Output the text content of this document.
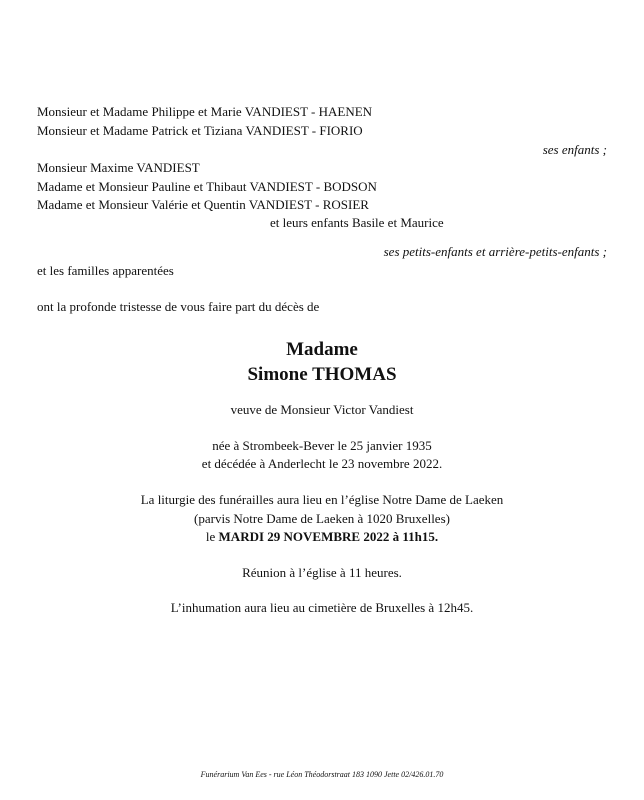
Monsieur et Madame Philippe et Marie VANDIEST - HAENEN
Monsieur et Madame Patrick et Tiziana VANDIEST - FIORIO
ses enfants ;
Monsieur Maxime VANDIEST
Madame et Monsieur Pauline et Thibaut VANDIEST - BODSON
Madame et Monsieur Valérie et Quentin VANDIEST - ROSIER
et leurs enfants Basile et Maurice
ses petits-enfants et arrière-petits-enfants ;
et les familles apparentées
ont la profonde tristesse de vous faire part du décès de
Madame
Simone THOMAS
veuve de Monsieur Victor Vandiest
née à Strombeek-Bever le 25 janvier 1935
et décédée à Anderlecht le 23 novembre 2022.
La liturgie des funérailles aura lieu en l’église Notre Dame de Laeken
(parvis Notre Dame de Laeken à 1020 Bruxelles)
le MARDI 29 NOVEMBRE 2022 à 11h15.
Réunion à l’église à 11 heures.
L’inhumation aura lieu au cimetière de Bruxelles à 12h45.
Funérarium Van Ees - rue Léon Théodorstraat 183 1090 Jette 02/426.01.70
